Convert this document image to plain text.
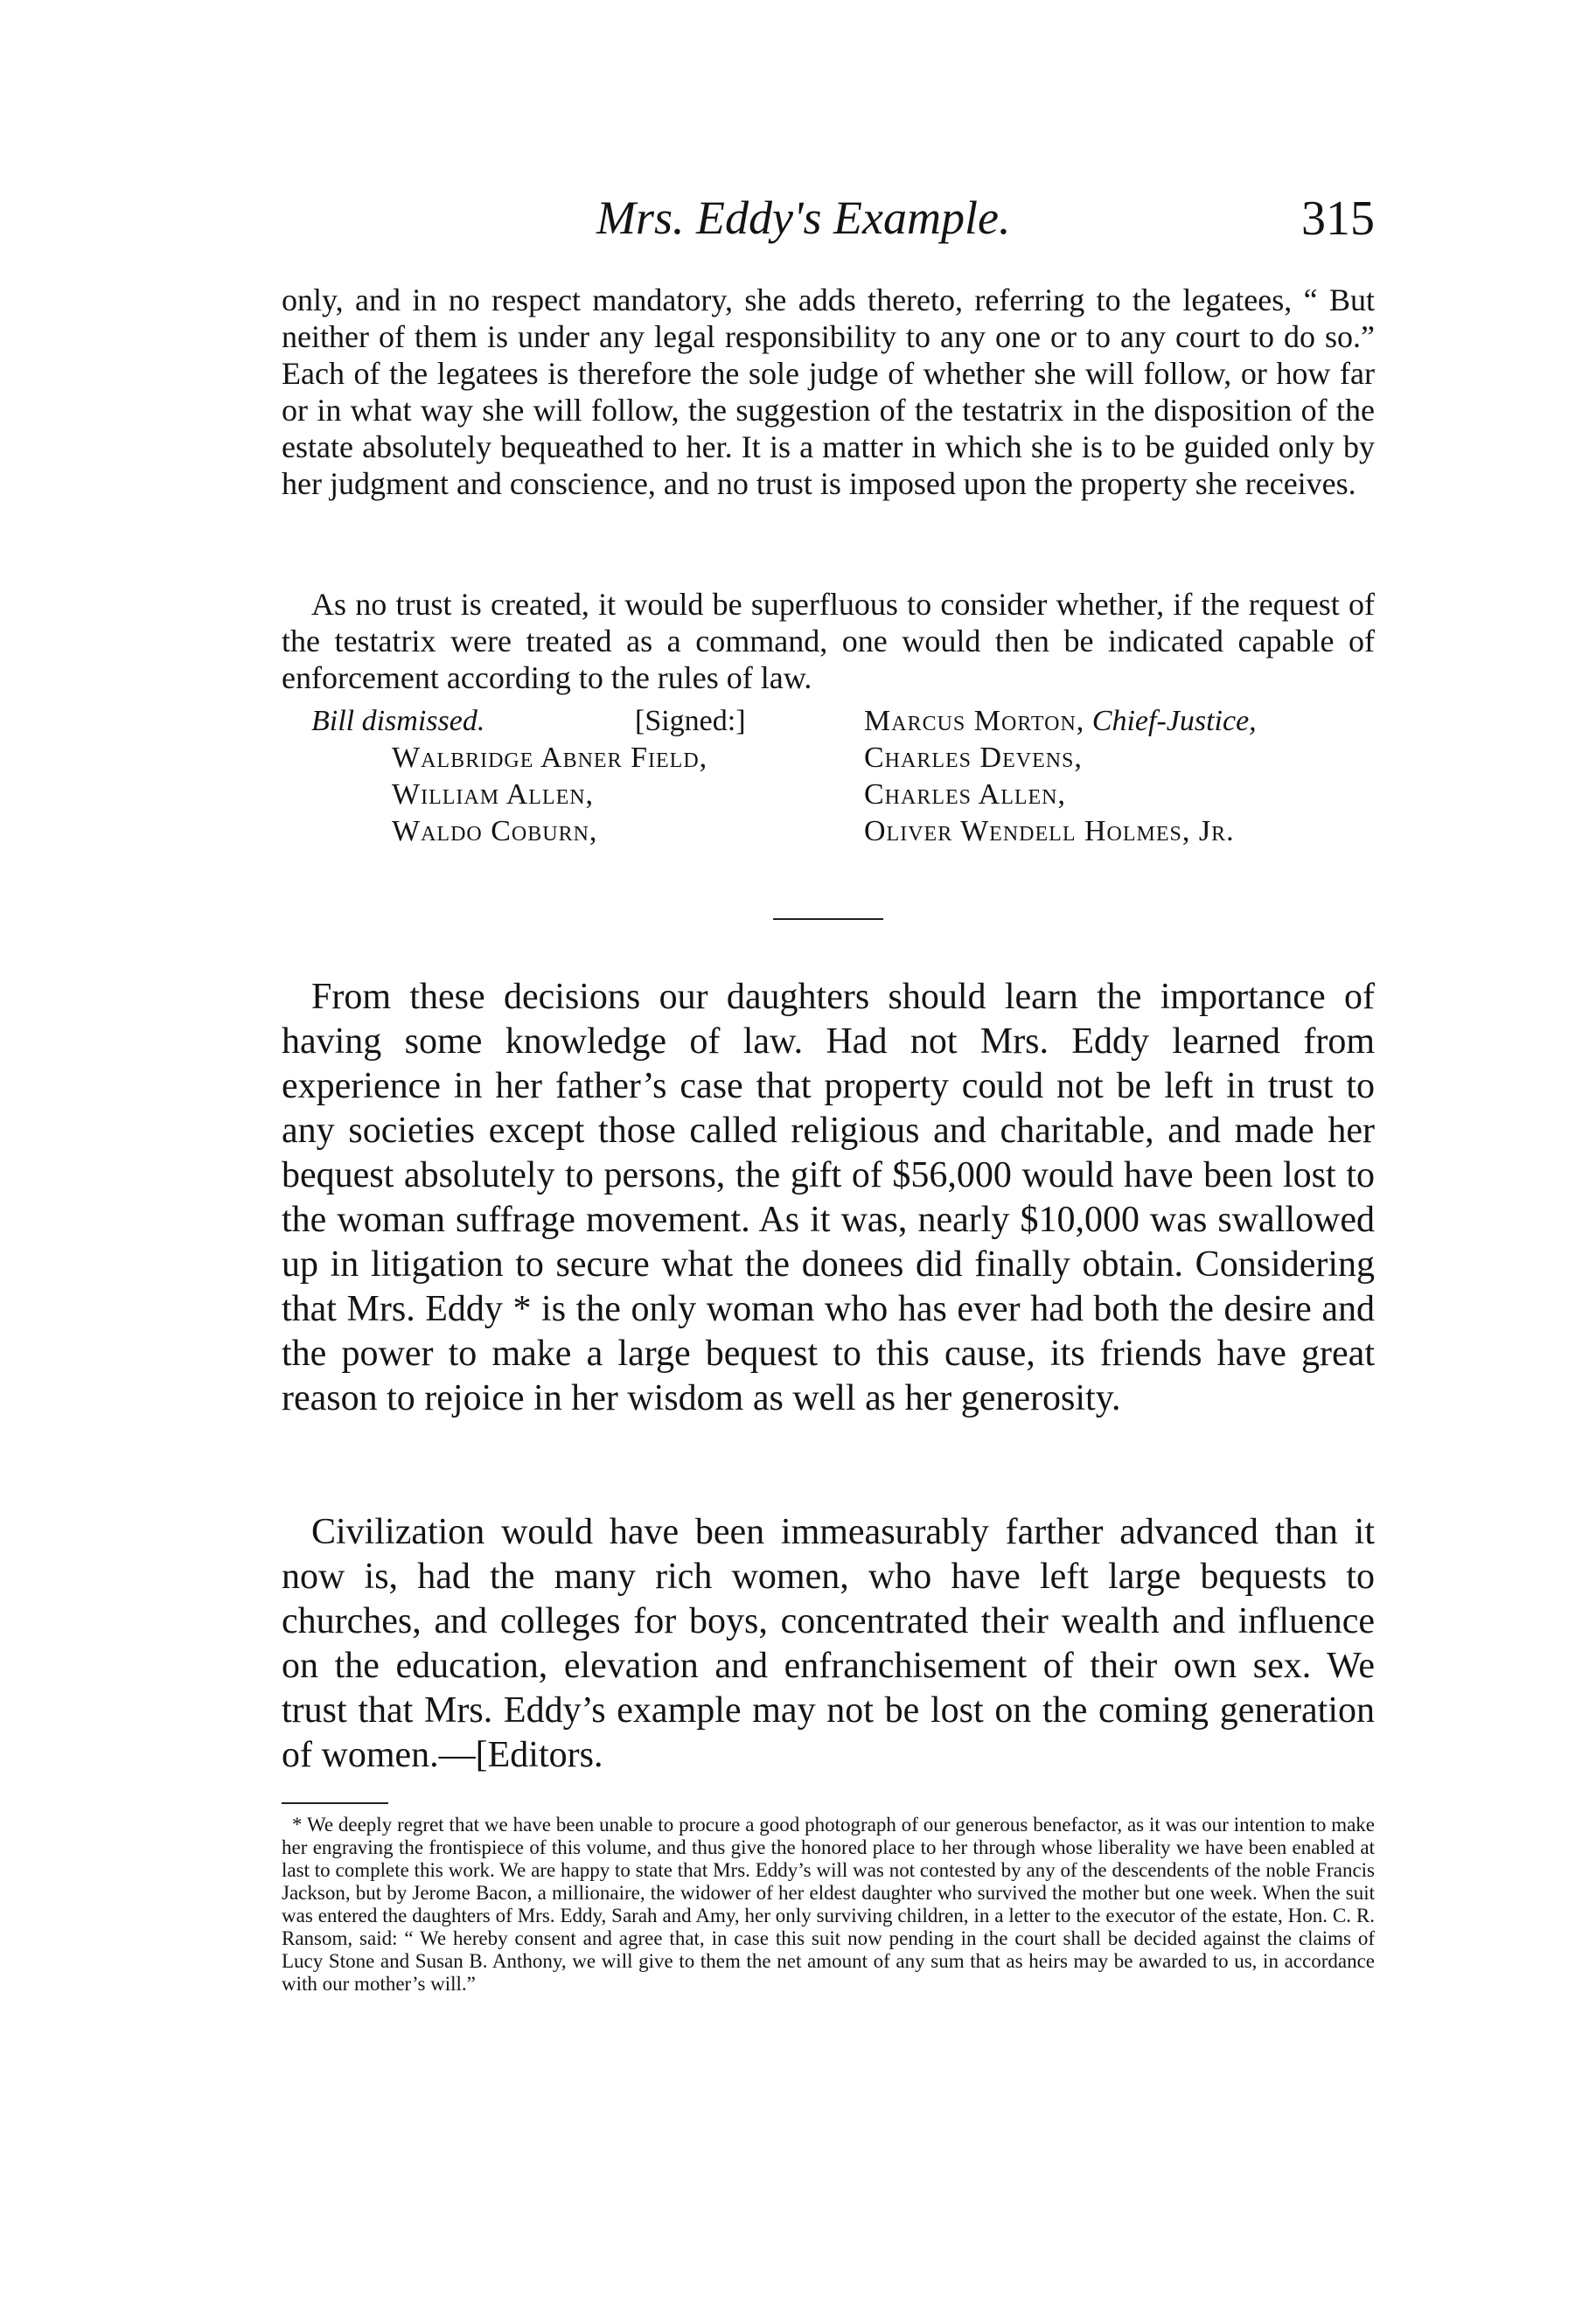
Mrs. Eddy's Example.	315

only, and in no respect mandatory, she adds thereto, referring to the legatees, “ But neither of them is under any legal responsibility to any one or to any court to do so.” Each of the legatees is therefore the sole judge of whether she will follow, or how far or in what way she will follow, the suggestion of the testatrix in the disposition of the estate absolutely bequeathed to her. It is a matter in which she is to be guided only by her judgment and conscience, and no trust is imposed upon the property she receives.

As no trust is created, it would be superfluous to consider whether, if the request of the testatrix were treated as a command, one would then be indicated capable of enforcement according to the rules of law.

Bill dismissed.	[Signed:]	Marcus Morton, Chief-Justice,
Walbridge Abner Field,	Charles Devens,
William Allen,	Charles Allen,
Waldo Coburn,	Oliver Wendell Holmes, Jr.

From these decisions our daughters should learn the importance of having some knowledge of law. Had not Mrs. Eddy learned from experience in her father’s case that property could not be left in trust to any societies except those called religious and charitable, and made her bequest absolutely to persons, the gift of $56,000 would have been lost to the woman suffrage movement. As it was, nearly $10,000 was swallowed up in litigation to secure what the donees did finally obtain. Considering that Mrs. Eddy * is the only woman who has ever had both the desire and the power to make a large bequest to this cause, its friends have great reason to rejoice in her wisdom as well as her generosity.

Civilization would have been immeasurably farther advanced than it now is, had the many rich women, who have left large bequests to churches, and colleges for boys, concentrated their wealth and influence on the education, elevation and enfranchisement of their own sex. We trust that Mrs. Eddy’s example may not be lost on the coming generation of women.—[Editors.

* We deeply regret that we have been unable to procure a good photograph of our generous benefactor, as it was our intention to make her engraving the frontispiece of this volume, and thus give the honored place to her through whose liberality we have been enabled at last to complete this work. We are happy to state that Mrs. Eddy’s will was not contested by any of the descendents of the noble Francis Jackson, but by Jerome Bacon, a millionaire, the widower of her eldest daughter who survived the mother but one week. When the suit was entered the daughters of Mrs. Eddy, Sarah and Amy, her only surviving children, in a letter to the executor of the estate, Hon. C. R. Ransom, said: “ We hereby consent and agree that, in case this suit now pending in the court shall be decided against the claims of Lucy Stone and Susan B. Anthony, we will give to them the net amount of any sum that as heirs may be awarded to us, in accordance with our mother’s will.”
